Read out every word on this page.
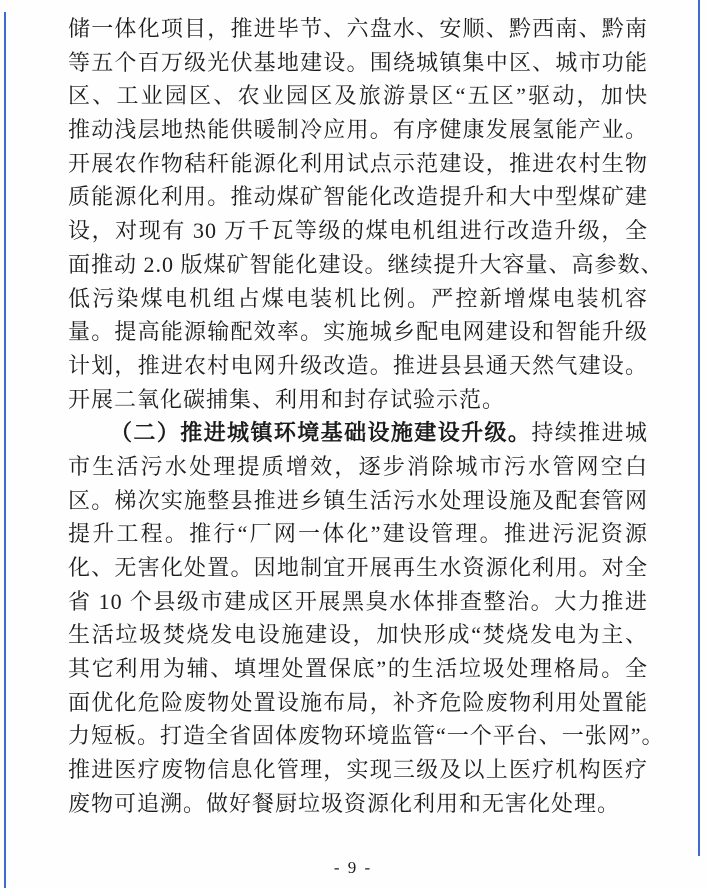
储一体化项目，推进毕节、六盘水、安顺、黔西南、黔南
等五个百万级光伏基地建设。围绕城镇集中区、城市功能
区、工业园区、农业园区及旅游景区“五区”驱动，加快
推动浅层地热能供暖制冷应用。有序健康发展氢能产业。
开展农作物秸秆能源化利用试点示范建设，推进农村生物
质能源化利用。推动煤矿智能化改造提升和大中型煤矿建
设，对现有 30 万千瓦等级的煤电机组进行改造升级，全
面推动 2.0 版煤矿智能化建设。继续提升大容量、高参数、
低污染煤电机组占煤电装机比例。严控新增煤电装机容
量。提高能源输配效率。实施城乡配电网建设和智能升级
计划，推进农村电网升级改造。推进县县通天然气建设。
开展二氧化碳捕集、利用和封存试验示范。
（二）推进城镇环境基础设施建设升级。持续推进城
市生活污水处理提质增效，逐步消除城市污水管网空白
区。梯次实施整县推进乡镇生活污水处理设施及配套管网
提升工程。推行“厂网一体化”建设管理。推进污泥资源
化、无害化处置。因地制宜开展再生水资源化利用。对全
省 10 个县级市建成区开展黑臭水体排查整治。大力推进
生活垃圾焚烧发电设施建设，加快形成“焚烧发电为主、
其它利用为辅、填埋处置保底”的生活垃圾处理格局。全
面优化危险废物处置设施布局，补齐危险废物利用处置能
力短板。打造全省固体废物环境监管“一个平台、一张网”。
推进医疗废物信息化管理，实现三级及以上医疗机构医疗
废物可追溯。做好餐厨垃圾资源化利用和无害化处理。
- 9 -
